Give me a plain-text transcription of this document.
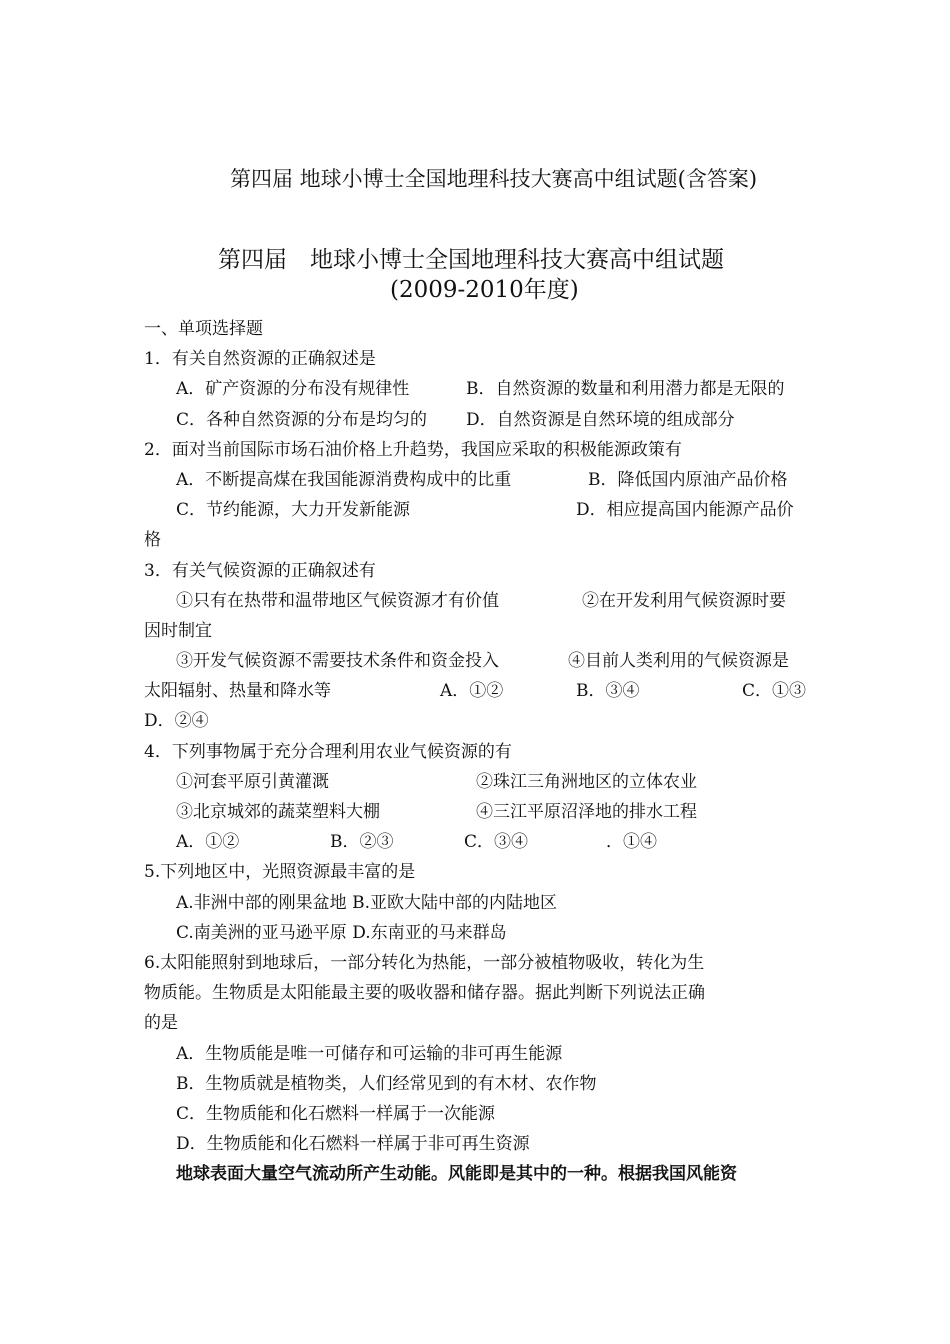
第四届 地球小博士全国地理科技大赛高中组试题(含答案)
第四届　地球小博士全国地理科技大赛高中组试题
(2009-2010年度)
一、单项选择题
1．有关自然资源的正确叙述是
A．矿产资源的分布没有规律性	B．自然资源的数量和利用潜力都是无限的
C．各种自然资源的分布是均匀的 D．自然资源是自然环境的组成部分
2．面对当前国际市场石油价格上升趋势，我国应采取的积极能源政策有
A．不断提高煤在我国能源消费构成中的比重	B．降低国内原油产品价格
C．节约能源，大力开发新能源	D．相应提高国内能源产品价
格
3．有关气候资源的正确叙述有
①只有在热带和温带地区气候资源才有价值	②在开发利用气候资源时要
因时制宜
③开发气候资源不需要技术条件和资金投入	④目前人类利用的气候资源是
太阳辐射、热量和降水等	A．①②	B．③④	C．①③
D．②④
4．下列事物属于充分合理利用农业气候资源的有
①河套平原引黄灌溉	②珠江三角洲地区的立体农业
③北京城郊的蔬菜塑料大棚	④三江平原沼泽地的排水工程
A．①②	B．②③	C．③④	．①④
5.下列地区中，光照资源最丰富的是
A.非洲中部的刚果盆地 B.亚欧大陆中部的内陆地区
C.南美洲的亚马逊平原 D.东南亚的马来群岛
6.太阳能照射到地球后，一部分转化为热能，一部分被植物吸收，转化为生
物质能。生物质是太阳能最主要的吸收器和储存器。据此判断下列说法正确
的是
A．生物质能是唯一可储存和可运输的非可再生能源
B．生物质就是植物类，人们经常见到的有木材、农作物
C．生物质能和化石燃料一样属于一次能源
D．生物质能和化石燃料一样属于非可再生资源
地球表面大量空气流动所产生动能。风能即是其中的一种。根据我国风能资
